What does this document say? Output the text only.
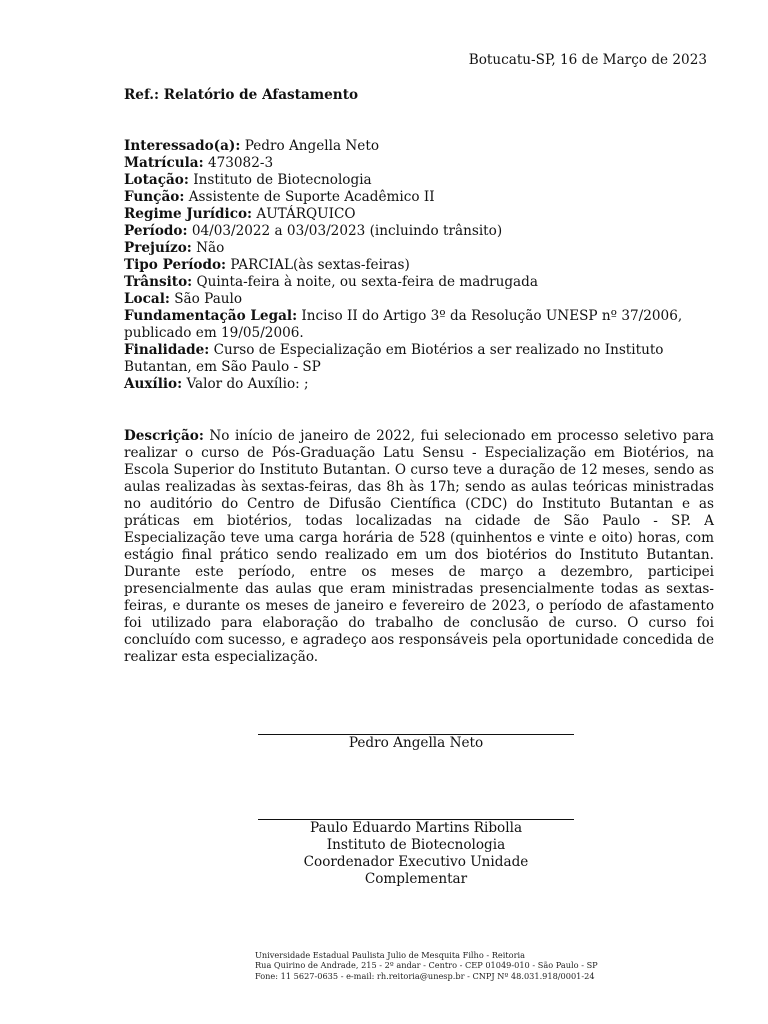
Botucatu-SP, 16 de Março de 2023
Ref.: Relatório de Afastamento

Interessado(a): Pedro Angella Neto

Matrícula: 473082-3

Lotação: Instituto de Biotecnologia

Função: Assistente de Suporte Acadêmico II

Regime Jurídico: AUTÁRQUICO

Período: 04/03/2022 a 03/03/2023 (incluindo trânsito)

Prejuízo: Não

Tipo Período: PARCIAL(às sextas-feiras)

Trânsito: Quinta-feira à noite, ou sexta-feira de madrugada

Local: São Paulo

Fundamentação Legal: Inciso II do Artigo 3º da Resolução UNESP nº 37/2006, publicado em 19/05/2006.

Finalidade: Curso de Especialização em Biotérios a ser realizado no Instituto Butantan, em São Paulo - SP

Auxílio: Valor do Auxílio: ;

Descrição: No início de janeiro de 2022, fui selecionado em processo seletivo para realizar o curso de Pós-Graduação Latu Sensu - Especialização em Biotérios, na Escola Superior do Instituto Butantan. O curso teve a duração de 12 meses, sendo as aulas realizadas às sextas-feiras, das 8h às 17h; sendo as aulas teóricas ministradas no auditório do Centro de Difusão Científica (CDC) do Instituto Butantan e as práticas em biotérios, todas localizadas na cidade de São Paulo - SP. A Especialização teve uma carga horária de 528 (quinhentos e vinte e oito) horas, com estágio final prático sendo realizado em um dos biotérios do Instituto Butantan. Durante este período, entre os meses de março a dezembro, participei presencialmente das aulas que eram ministradas presencialmente todas as sextas-feiras, e durante os meses de janeiro e fevereiro de 2023, o período de afastamento foi utilizado para elaboração do trabalho de conclusão de curso. O curso foi concluído com sucesso, e agradeço aos responsáveis pela oportunidade concedida de realizar esta especialização.
Pedro Angella Neto
Paulo Eduardo Martins Ribolla
Instituto de Biotecnologia
Coordenador Executivo Unidade Complementar
Universidade Estadual Paulista Julio de Mesquita Filho - Reitoria
Rua Quirino de Andrade, 215 - 2º andar - Centro - CEP 01049-010 - São Paulo - SP
Fone: 11 5627-0635 - e-mail: rh.reitoria@unesp.br - CNPJ Nº 48.031.918/0001-24
